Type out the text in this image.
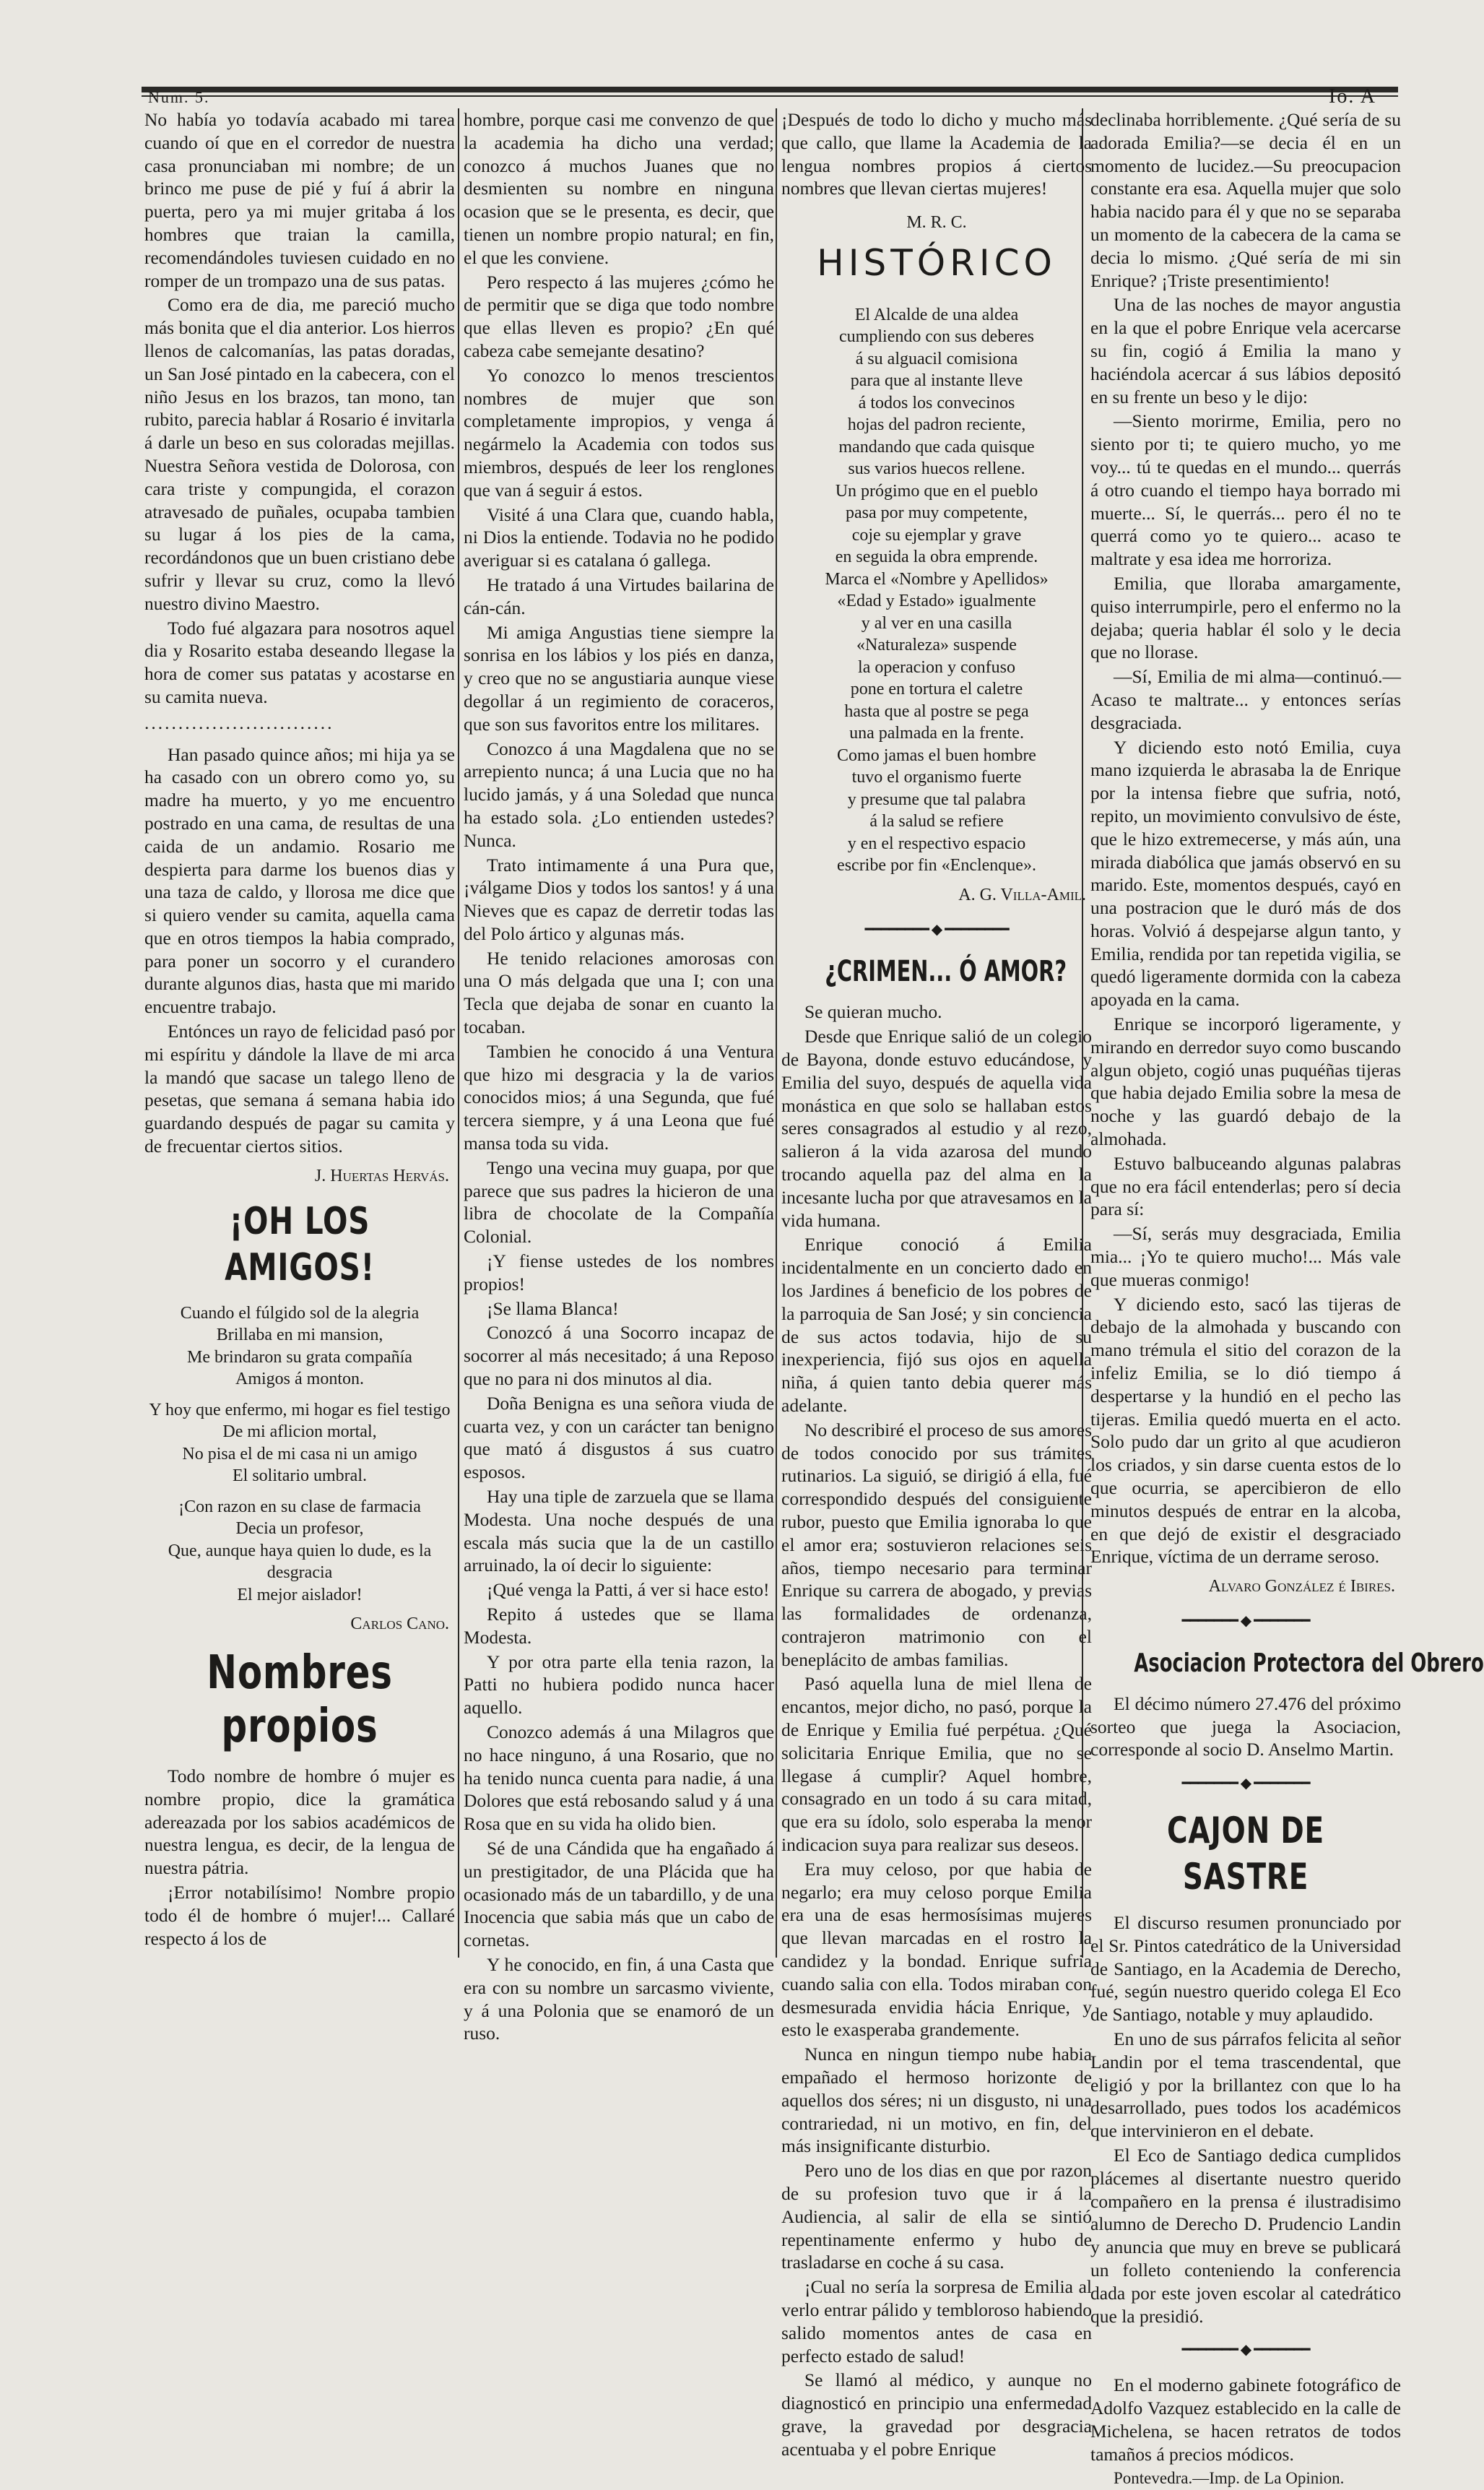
Num. 5.	Io. A

No había yo todavía acabado mi tarea cuando oí que en el corredor de nuestra casa pronunciaban mi nombre; de un brinco me puse de pié y fuí á abrir la puerta, pero ya mi mujer gritaba á los hombres que traian la camilla, recomendándoles tuviesen cuidado en no romper de un trompazo una de sus patas.

Como era de dia, me pareció mucho más bonita que el dia anterior. Los hierros llenos de calcomanías, las patas doradas, un San José pintado en la cabecera, con el niño Jesus en los brazos, tan mono, tan rubito, parecia hablar á Rosario é invitarla á darle un beso en sus coloradas mejillas. Nuestra Señora vestida de Dolorosa, con cara triste y compungida, el corazon atravesado de puñales, ocupaba tambien su lugar á los pies de la cama, recordándonos que un buen cristiano debe sufrir y llevar su cruz, como la llevó nuestro divino Maestro.

Todo fué algazara para nosotros aquel dia y Rosarito estaba deseando llegase la hora de comer sus patatas y acostarse en su camita nueva.

............................

Han pasado quince años; mi hija ya se ha casado con un obrero como yo, su madre ha muerto, y yo me encuentro postrado en una cama, de resultas de una caida de un andamio. Rosario me despierta para darme los buenos dias y una taza de caldo, y llorosa me dice que si quiero vender su camita, aquella cama que en otros tiempos la habia comprado, para poner un socorro y el curandero durante algunos dias, hasta que mi marido encuentre trabajo.

Entónces un rayo de felicidad pasó por mi espíritu y dándole la llave de mi arca la mandó que sacase un talego lleno de pesetas, que semana á semana habia ido guardando después de pagar su camita y de frecuentar ciertos sitios.

J. Huertas Hervás.
¡OH LOS AMIGOS!
Cuando el fúlgido sol de la alegria
Brillaba en mi mansion,
Me brindaron su grata compañía
Amigos á monton.
Y hoy que enfermo, mi hogar es fiel testigo
De mi aflicion mortal,
No pisa el de mi casa ni un amigo
El solitario umbral.
¡Con razon en su clase de farmacia
Decia un profesor,
Que, aunque haya quien lo dude, es la desgracia
El mejor aislador!
Carlos Cano.
Nombres propios

Todo nombre de hombre ó mujer es nombre propio, dice la gramática adereazada por los sabios académicos de nuestra lengua, es decir, de la lengua de nuestra pátria.

¡Error notabilísimo! Nombre propio todo él de hombre ó mujer!... Callaré respecto á los de

hombre, porque casi me convenzo de que la academia ha dicho una verdad; conozco á muchos Juanes que no desmienten su nombre en ninguna ocasion que se le presenta, es decir, que tienen un nombre propio natural; en fin, el que les conviene.

Pero respecto á las mujeres ¿cómo he de permitir que se diga que todo nombre que ellas lleven es propio? ¿En qué cabeza cabe semejante desatino?

Yo conozco lo menos trescientos nombres de mujer que son completamente impropios, y venga á negármelo la Academia con todos sus miembros, después de leer los renglones que van á seguir á estos.

Visité á una Clara que, cuando habla, ni Dios la entiende. Todavia no he podido averiguar si es catalana ó gallega.

He tratado á una Virtudes bailarina de cán-cán.

Mi amiga Angustias tiene siempre la sonrisa en los lábios y los piés en danza, y creo que no se angustiaria aunque viese degollar á un regimiento de coraceros, que son sus favoritos entre los militares.

Conozco á una Magdalena que no se arrepiento nunca; á una Lucia que no ha lucido jamás, y á una Soledad que nunca ha estado sola. ¿Lo entienden ustedes? Nunca.

Trato intimamente á una Pura que, ¡válgame Dios y todos los santos! y á una Nieves que es capaz de derretir todas las del Polo ártico y algunas más.

He tenido relaciones amorosas con una O más delgada que una I; con una Tecla que dejaba de sonar en cuanto la tocaban.

Tambien he conocido á una Ventura que hizo mi desgracia y la de varios conocidos mios; á una Segunda, que fué tercera siempre, y á una Leona que fué mansa toda su vida.

Tengo una vecina muy guapa, por que parece que sus padres la hicieron de una libra de chocolate de la Compañía Colonial.

¡Y fiense ustedes de los nombres propios!

¡Se llama Blanca!

Conozcó á una Socorro incapaz de socorrer al más necesitado; á una Reposo que no para ni dos minutos al dia.

Doña Benigna es una señora viuda de cuarta vez, y con un carácter tan benigno que mató á disgustos á sus cuatro esposos.

Hay una tiple de zarzuela que se llama Modesta. Una noche después de una escala más sucia que la de un castillo arruinado, la oí decir lo siguiente:

¡Qué venga la Patti, á ver si hace esto!

Repito á ustedes que se llama Modesta.

Y por otra parte ella tenia razon, la Patti no hubiera podido nunca hacer aquello.

Conozco además á una Milagros que no hace ninguno, á una Rosario, que no ha tenido nunca cuenta para nadie, á una Dolores que está rebosando salud y á una Rosa que en su vida ha olido bien.

Sé de una Cándida que ha engañado á un prestigitador, de una Plácida que ha ocasionado más de un tabardillo, y de una Inocencia que sabia más que un cabo de cornetas.

Y he conocido, en fin, á una Casta que era con su nombre un sarcasmo viviente, y á una Polonia que se enamoró de un ruso.

¡Después de todo lo dicho y mucho más que callo, que llame la Academia de la lengua nombres propios á ciertos nombres que llevan ciertas mujeres!

M. R. C.
HISTÓRICO
El Alcalde de una aldea
cumpliendo con sus deberes
á su alguacil comisiona
para que al instante lleve
á todos los convecinos
hojas del padron reciente,
mandando que cada quisque
sus varios huecos rellene.
Un prógimo que en el pueblo
pasa por muy competente,
coje su ejemplar y grave
en seguida la obra emprende.
Marca el «Nombre y Apellidos»
«Edad y Estado» igualmente
y al ver en una casilla
«Naturaleza» suspende
la operacion y confuso
pone en tortura el caletre
hasta que al postre se pega
una palmada en la frente.
Como jamas el buen hombre
tuvo el organismo fuerte
y presume que tal palabra
á la salud se refiere
y en el respectivo espacio
escribe por fin «Enclenque».
A. G. Villa-Amil.
━━━━━━━━ ◆ ━━━━━━━━
¿CRIMEN... Ó AMOR?

Se quieran mucho.

Desde que Enrique salió de un colegio de Bayona, donde estuvo educándose, y Emilia del suyo, después de aquella vida monástica en que solo se hallaban estos seres consagrados al estudio y al rezo, salieron á la vida azarosa del mundo trocando aquella paz del alma en la incesante lucha por que atravesamos en la vida humana.

Enrique conoció á Emilia incidentalmente en un concierto dado en los Jardines á beneficio de los pobres de la parroquia de San José; y sin conciencia de sus actos todavia, hijo de su inexperiencia, fijó sus ojos en aquella niña, á quien tanto debia querer más adelante.

No describiré el proceso de sus amores de todos conocido por sus trámites rutinarios. La siguió, se dirigió á ella, fué correspondido después del consiguiente rubor, puesto que Emilia ignoraba lo que el amor era; sostuvieron relaciones seis años, tiempo necesario para terminar Enrique su carrera de abogado, y previas las formalidades de ordenanza, contrajeron matrimonio con el beneplácito de ambas familias.

Pasó aquella luna de miel llena de encantos, mejor dicho, no pasó, porque la de Enrique y Emilia fué perpétua. ¿Qué solicitaria Enrique Emilia, que no se llegase á cumplir? Aquel hombre, consagrado en un todo á su cara mitad, que era su ídolo, solo esperaba la menor indicacion suya para realizar sus deseos.

Era muy celoso, por que habia de negarlo; era muy celoso porque Emilia era una de esas hermosísimas mujeres que llevan marcadas en el rostro la candidez y la bondad. Enrique sufria cuando salia con ella. Todos miraban con desmesurada envidia hácia Enrique, y esto le exasperaba grandemente.

Nunca en ningun tiempo nube habia empañado el hermoso horizonte de aquellos dos séres; ni un disgusto, ni una contrariedad, ni un motivo, en fin, del más insignificante disturbio.

Pero uno de los dias en que por razon de su profesion tuvo que ir á la Audiencia, al salir de ella se sintió repentinamente enfermo y hubo de trasladarse en coche á su casa.

¡Cual no sería la sorpresa de Emilia al verlo entrar pálido y tembloroso habiendo salido momentos antes de casa en perfecto estado de salud!

Se llamó al médico, y aunque no diagnosticó en principio una enfermedad grave, la gravedad por desgracia acentuaba y el pobre Enrique

declinaba horriblemente. ¿Qué sería de su adorada Emilia?—se decia él en un momento de lucidez.—Su preocupacion constante era esa. Aquella mujer que solo habia nacido para él y que no se separaba un momento de la cabecera de la cama se decia lo mismo. ¿Qué sería de mi sin Enrique? ¡Triste presentimiento!

Una de las noches de mayor angustia en la que el pobre Enrique vela acercarse su fin, cogió á Emilia la mano y haciéndola acercar á sus lábios depositó en su frente un beso y le dijo:

—Siento morirme, Emilia, pero no siento por ti; te quiero mucho, yo me voy... tú te quedas en el mundo... querrás á otro cuando el tiempo haya borrado mi muerte... Sí, le querrás... pero él no te querrá como yo te quiero... acaso te maltrate y esa idea me horroriza.

Emilia, que lloraba amargamente, quiso interrumpirle, pero el enfermo no la dejaba; queria hablar él solo y le decia que no llorase.

—Sí, Emilia de mi alma—continuó.—Acaso te maltrate... y entonces serías desgraciada.

Y diciendo esto notó Emilia, cuya mano izquierda le abrasaba la de Enrique por la intensa fiebre que sufria, notó, repito, un movimiento convulsivo de éste, que le hizo extremecerse, y más aún, una mirada diabólica que jamás observó en su marido. Este, momentos después, cayó en una postracion que le duró más de dos horas. Volvió á despejarse algun tanto, y Emilia, rendida por tan repetida vigilia, se quedó ligeramente dormida con la cabeza apoyada en la cama.

Enrique se incorporó ligeramente, y mirando en derredor suyo como buscando algun objeto, cogió unas puquéñas tijeras que habia dejado Emilia sobre la mesa de noche y las guardó debajo de la almohada.

Estuvo balbuceando algunas palabras que no era fácil entenderlas; pero sí decia para sí:

—Sí, serás muy desgraciada, Emilia mia... ¡Yo te quiero mucho!... Más vale que mueras conmigo!

Y diciendo esto, sacó las tijeras de debajo de la almohada y buscando con mano trémula el sitio del corazon de la infeliz Emilia, se lo dió tiempo á despertarse y la hundió en el pecho las tijeras. Emilia quedó muerta en el acto. Solo pudo dar un grito al que acudieron los criados, y sin darse cuenta estos de lo que ocurria, se apercibieron de ello minutos después de entrar en la alcoba, en que dejó de existir el desgraciado Enrique, víctima de un derrame seroso.

Alvaro González é Ibires.
━━━━━━━ ◆ ━━━━━━━
Asociacion Protectora del Obrero

El décimo número 27.476 del próximo sorteo que juega la Asociacion, corresponde al socio D. Anselmo Martin.

━━━━━━━ ◆ ━━━━━━━
CAJON DE SASTRE

El discurso resumen pronunciado por el Sr. Pintos catedrático de la Universidad de Santiago, en la Academia de Derecho, fué, según nuestro querido colega El Eco de Santiago, notable y muy aplaudido.

En uno de sus párrafos felicita al señor Landin por el tema trascendental, que eligió y por la brillantez con que lo ha desarrollado, pues todos los académicos que intervinieron en el debate.

El Eco de Santiago dedica cumplidos plácemes al disertante nuestro querido compañero en la prensa é ilustradisimo alumno de Derecho D. Prudencio Landin y anuncia que muy en breve se publicará un folleto conteniendo la conferencia dada por este joven escolar al catedrático que la presidió.

━━━━━━━ ◆ ━━━━━━━

En el moderno gabinete fotográfico de Adolfo Vazquez establecido en la calle de Michelena, se hacen retratos de todos tamaños á precios módicos.

Pontevedra.—Imp. de La Opinion.
